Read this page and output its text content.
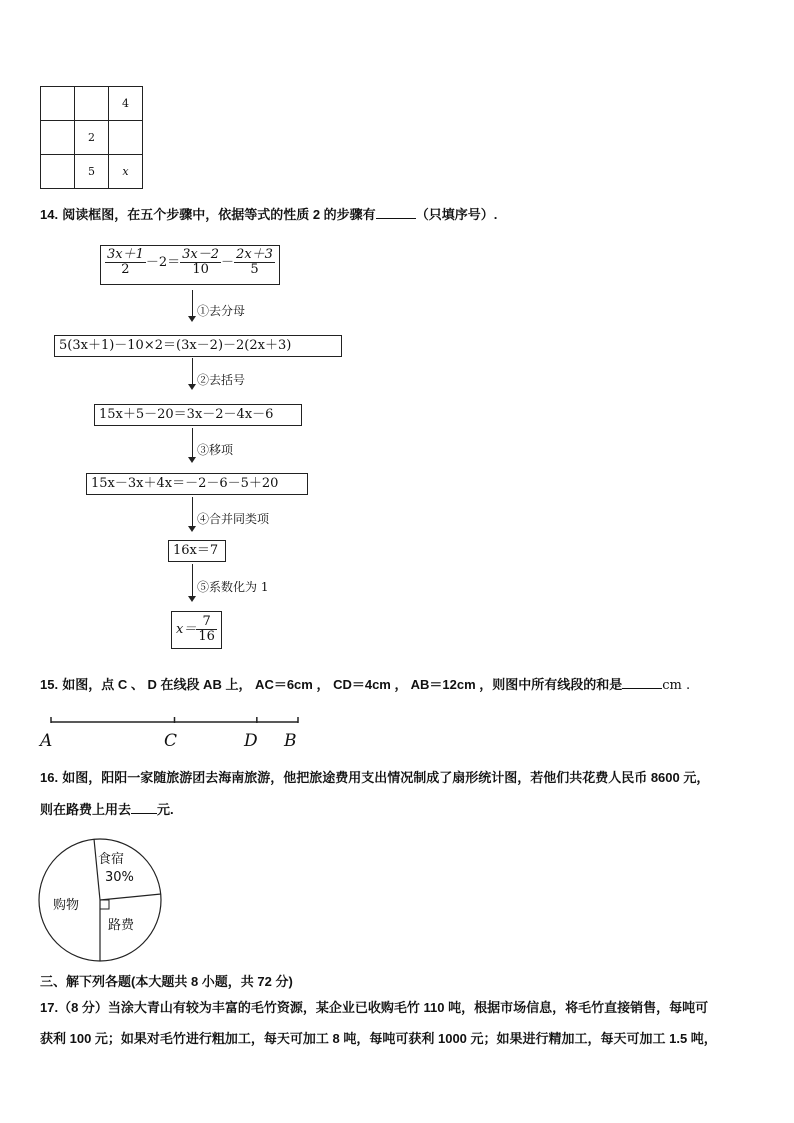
		4
	2	
	5	x
14. 阅读框图，在五个步骤中，依据等式的性质 2 的步骤有	（只填序号）.
$\frac{3x+1}{2} -2= \frac{3x-2}{10} - \frac{2x+3}{5}$
①去分母
5(3x＋1)－10×2＝(3x－2)－2(2x＋3)
②去括号
15x＋5－20＝3x－2－4x－6
③移项
15x－3x＋4x＝－2－6－5＋20
④合并同类项
16x＝7
⑤系数化为 1
$x= \frac{7}{16}$
15. 如图，点 C 、 D 在线段 AB 上， AC＝6cm ， CD＝4cm ， AB＝12cm ，则图中所有线段的和是	cm .
A	C	D B
16. 如图，阳阳一家随旅游团去海南旅游，他把旅途费用支出情况制成了扇形统计图，若他们共花费人民币 8600 元，
则在路费上用去 元.
食宿
30%
购物
路费
三、解下列各题(本大题共 8 小题，共 72 分)
17.（8 分）当涂大青山有较为丰富的毛竹资源，某企业已收购毛竹 110 吨，根据市场信息，将毛竹直接销售，每吨可
获利 100 元；如果对毛竹进行粗加工，每天可加工 8 吨，每吨可获利 1000 元；如果进行精加工，每天可加工 1.5 吨，
